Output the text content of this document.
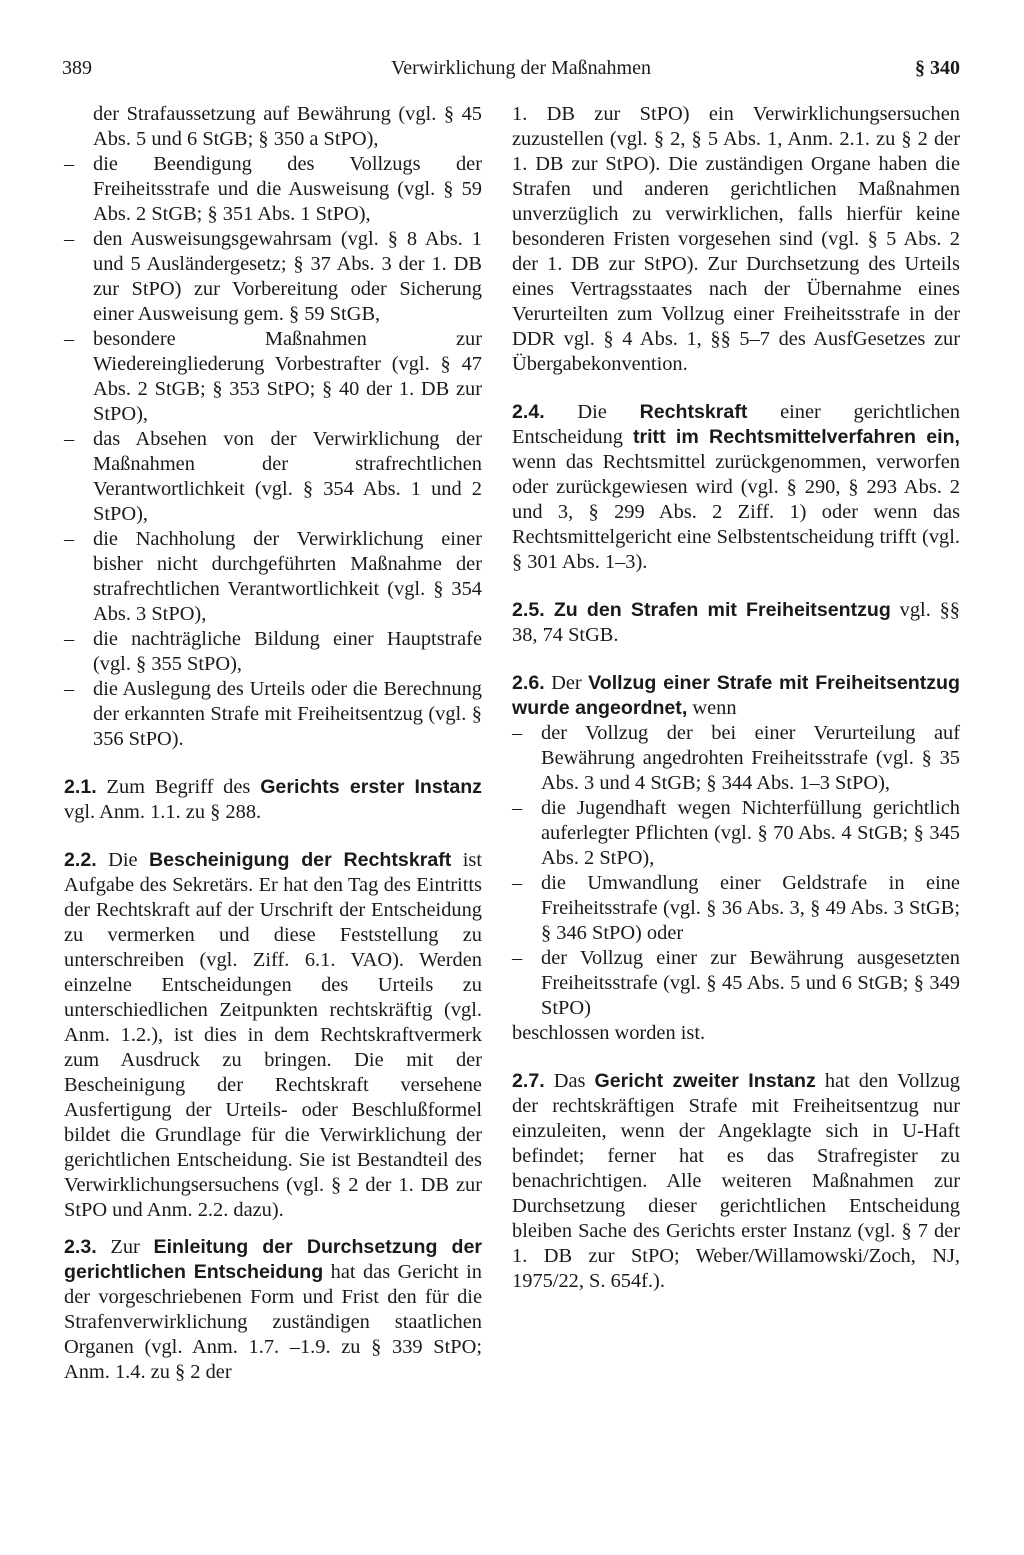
389	Verwirklichung der Maßnahmen	§ 340

der Strafaussetzung auf Bewährung (vgl. § 45 Abs. 5 und 6 StGB; § 350 a StPO),

– die Beendigung des Vollzugs der Freiheitsstrafe und die Ausweisung (vgl. § 59 Abs. 2 StGB; § 351 Abs. 1 StPO),
– den Ausweisungsgewahrsam (vgl. § 8 Abs. 1 und 5 Ausländergesetz; § 37 Abs. 3 der 1. DB zur StPO) zur Vorbereitung oder Sicherung einer Ausweisung gem. § 59 StGB,
– besondere Maßnahmen zur Wiedereingliederung Vorbestrafter (vgl. § 47 Abs. 2 StGB; § 353 StPO; § 40 der 1. DB zur StPO),
– das Absehen von der Verwirklichung der Maßnahmen der strafrechtlichen Verantwortlichkeit (vgl. § 354 Abs. 1 und 2 StPO),
– die Nachholung der Verwirklichung einer bisher nicht durchgeführten Maßnahme der strafrechtlichen Verantwortlichkeit (vgl. § 354 Abs. 3 StPO),
– die nachträgliche Bildung einer Hauptstrafe (vgl. § 355 StPO),
– die Auslegung des Urteils oder die Berechnung der erkannten Strafe mit Freiheitsentzug (vgl. § 356 StPO).

2.1. Zum Begriff des Gerichts erster Instanz vgl. Anm. 1.1. zu § 288.

2.2. Die Bescheinigung der Rechtskraft ist Aufgabe des Sekretärs. Er hat den Tag des Eintritts der Rechtskraft auf der Urschrift der Entscheidung zu vermerken und diese Feststellung zu unterschreiben (vgl. Ziff. 6.1. VAO). Werden einzelne Entscheidungen des Urteils zu unterschiedlichen Zeitpunkten rechtskräftig (vgl. Anm. 1.2.), ist dies in dem Rechtskraftvermerk zum Ausdruck zu bringen. Die mit der Bescheinigung der Rechtskraft versehene Ausfertigung der Urteils- oder Beschlußformel bildet die Grundlage für die Verwirklichung der gerichtlichen Entscheidung. Sie ist Bestandteil des Verwirklichungsersuchens (vgl. § 2 der 1. DB zur StPO und Anm. 2.2. dazu).

2.3. Zur Einleitung der Durchsetzung der gerichtlichen Entscheidung hat das Gericht in der vorgeschriebenen Form und Frist den für die Strafenverwirklichung zuständigen staatlichen Organen (vgl. Anm. 1.7. –1.9. zu § 339 StPO; Anm. 1.4. zu § 2 der

1. DB zur StPO) ein Verwirklichungsersuchen zuzustellen (vgl. § 2, § 5 Abs. 1, Anm. 2.1. zu § 2 der 1. DB zur StPO). Die zuständigen Organe haben die Strafen und anderen gerichtlichen Maßnahmen unverzüglich zu verwirklichen, falls hierfür keine besonderen Fristen vorgesehen sind (vgl. § 5 Abs. 2 der 1. DB zur StPO). Zur Durchsetzung des Urteils eines Vertragsstaates nach der Übernahme eines Verurteilten zum Vollzug einer Freiheitsstrafe in der DDR vgl. § 4 Abs. 1, §§ 5–7 des AusfGesetzes zur Übergabekonvention.

2.4. Die Rechtskraft einer gerichtlichen Entscheidung tritt im Rechtsmittelverfahren ein, wenn das Rechtsmittel zurückgenommen, verworfen oder zurückgewiesen wird (vgl. § 290, § 293 Abs. 2 und 3, § 299 Abs. 2 Ziff. 1) oder wenn das Rechtsmittelgericht eine Selbstentscheidung trifft (vgl. § 301 Abs. 1–3).

2.5. Zu den Strafen mit Freiheitsentzug vgl. §§ 38, 74 StGB.

2.6. Der Vollzug einer Strafe mit Freiheitsentzug wurde angeordnet, wenn

– der Vollzug der bei einer Verurteilung auf Bewährung angedrohten Freiheitsstrafe (vgl. § 35 Abs. 3 und 4 StGB; § 344 Abs. 1–3 StPO),
– die Jugendhaft wegen Nichterfüllung gerichtlich auferlegter Pflichten (vgl. § 70 Abs. 4 StGB; § 345 Abs. 2 StPO),
– die Umwandlung einer Geldstrafe in eine Freiheitsstrafe (vgl. § 36 Abs. 3, § 49 Abs. 3 StGB; § 346 StPO) oder
– der Vollzug einer zur Bewährung ausgesetzten Freiheitsstrafe (vgl. § 45 Abs. 5 und 6 StGB; § 349 StPO)

beschlossen worden ist.

2.7. Das Gericht zweiter Instanz hat den Vollzug der rechtskräftigen Strafe mit Freiheitsentzug nur einzuleiten, wenn der Angeklagte sich in U-Haft befindet; ferner hat es das Strafregister zu benachrichtigen. Alle weiteren Maßnahmen zur Durchsetzung dieser gerichtlichen Entscheidung bleiben Sache des Gerichts erster Instanz (vgl. § 7 der 1. DB zur StPO; Weber/Willamowski/Zoch, NJ, 1975/22, S. 654f.).
